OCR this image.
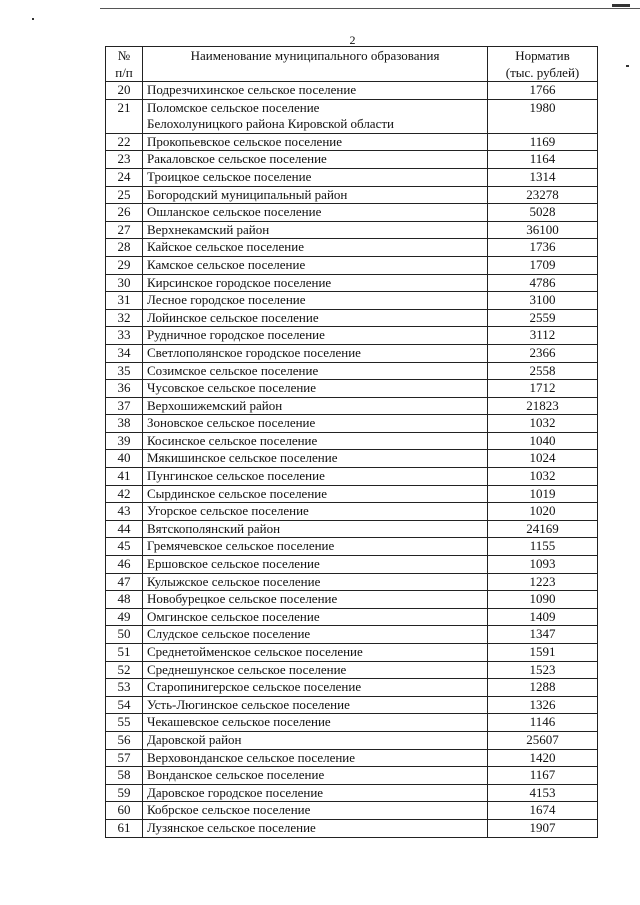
2
№
п/п	Наименование муниципального образования	Норматив
(тыс. рублей)

20	Подрезчихинское сельское поселение	1766
21	Поломское сельское поселение
Белохолуницкого района Кировской области	1980
22	Прокопьевское сельское поселение	1169
23	Ракаловское сельское поселение	1164
24	Троицкое сельское поселение	1314
25	Богородский муниципальный район	23278
26	Ошланское сельское поселение	5028
27	Верхнекамский район	36100
28	Кайское сельское поселение	1736
29	Камское сельское поселение	1709
30	Кирсинское городское поселение	4786
31	Лесное городское поселение	3100
32	Лойинское сельское поселение	2559
33	Рудничное городское поселение	3112
34	Светлополянское городское поселение	2366
35	Созимское сельское поселение	2558
36	Чусовское сельское поселение	1712
37	Верхошижемский район	21823
38	Зоновское сельское поселение	1032
39	Косинское сельское поселение	1040
40	Мякишинское сельское поселение	1024
41	Пунгинское сельское поселение	1032
42	Сырдинское сельское поселение	1019
43	Угорское сельское поселение	1020
44	Вятскополянский район	24169
45	Гремячевское сельское поселение	1155
46	Ершовское сельское поселение	1093
47	Кулыжское сельское поселение	1223
48	Новобурецкое сельское поселение	1090
49	Омгинское сельское поселение	1409
50	Слудское сельское поселение	1347
51	Среднетойменское сельское поселение	1591
52	Среднешунское сельское поселение	1523
53	Старопинигерское сельское поселение	1288
54	Усть-Люгинское сельское поселение	1326
55	Чекашевское сельское поселение	1146
56	Даровской район	25607
57	Верховонданское сельское поселение	1420
58	Вонданское сельское поселение	1167
59	Даровское городское поселение	4153
60	Кобрское сельское поселение	1674
61	Лузянское сельское поселение	1907
